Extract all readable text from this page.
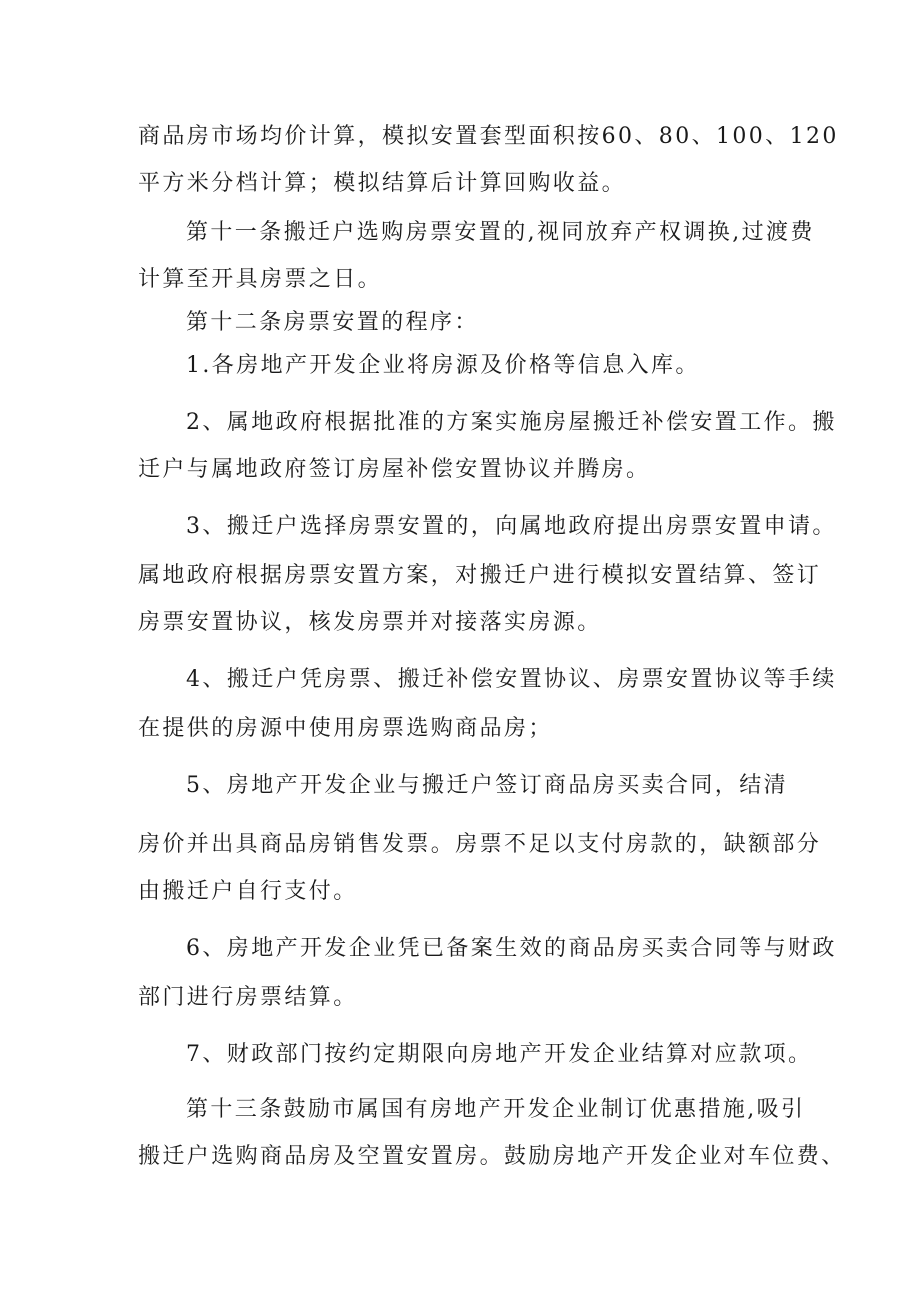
商品房市场均价计算，模拟安置套型面积按60、80、100、120
平方米分档计算；模拟结算后计算回购收益。
第十一条搬迁户选购房票安置的,视同放弃产权调换,过渡费
计算至开具房票之日。
第十二条房票安置的程序：
1.各房地产开发企业将房源及价格等信息入库。
2、属地政府根据批准的方案实施房屋搬迁补偿安置工作。搬
迁户与属地政府签订房屋补偿安置协议并腾房。
3、搬迁户选择房票安置的，向属地政府提出房票安置申请。
属地政府根据房票安置方案，对搬迁户进行模拟安置结算、签订
房票安置协议，核发房票并对接落实房源。
4、搬迁户凭房票、搬迁补偿安置协议、房票安置协议等手续
在提供的房源中使用房票选购商品房；
5、房地产开发企业与搬迁户签订商品房买卖合同，结清
房价并出具商品房销售发票。房票不足以支付房款的，缺额部分
由搬迁户自行支付。
6、房地产开发企业凭已备案生效的商品房买卖合同等与财政
部门进行房票结算。
7、财政部门按约定期限向房地产开发企业结算对应款项。
第十三条鼓励市属国有房地产开发企业制订优惠措施,吸引
搬迁户选购商品房及空置安置房。鼓励房地产开发企业对车位费、
